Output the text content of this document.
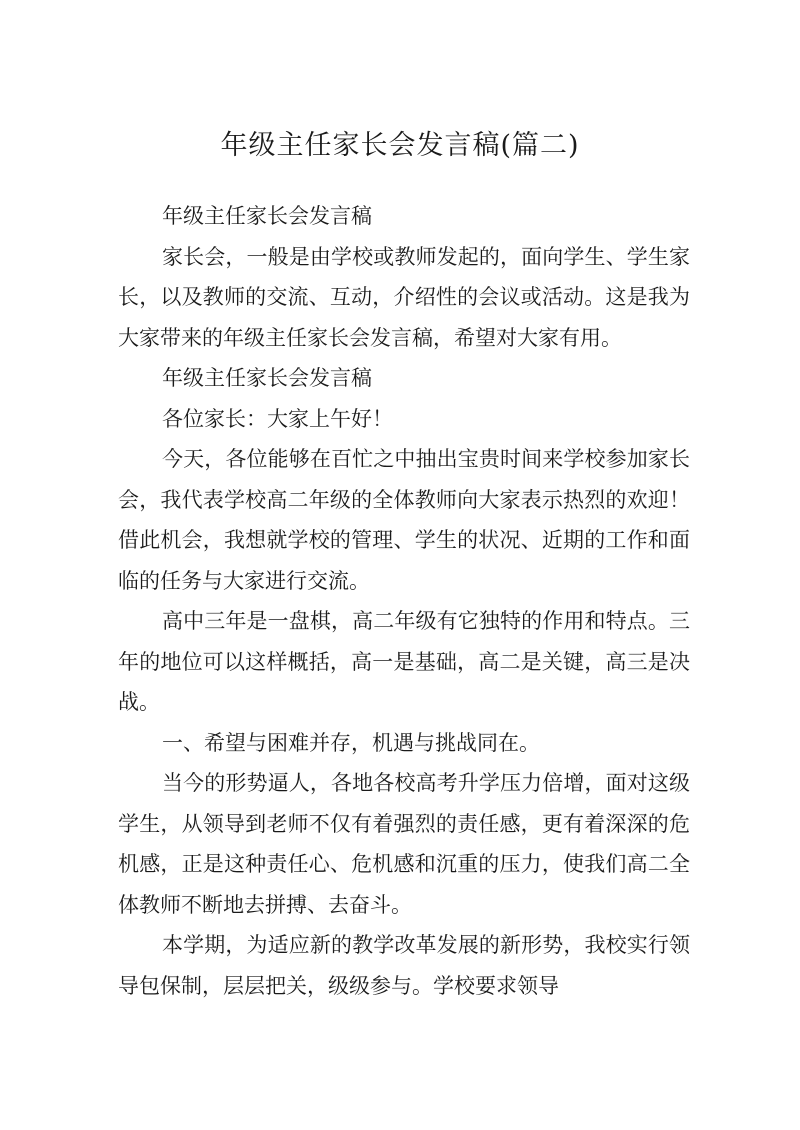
年级主任家长会发言稿(篇二)

年级主任家长会发言稿

家长会，一般是由学校或教师发起的，面向学生、学生家长，以及教师的交流、互动，介绍性的会议或活动。这是我为大家带来的年级主任家长会发言稿，希望对大家有用。

年级主任家长会发言稿

各位家长：大家上午好！

今天，各位能够在百忙之中抽出宝贵时间来学校参加家长会，我代表学校高二年级的全体教师向大家表示热烈的欢迎！借此机会，我想就学校的管理、学生的状况、近期的工作和面临的任务与大家进行交流。

高中三年是一盘棋，高二年级有它独特的作用和特点。三年的地位可以这样概括，高一是基础，高二是关键，高三是决战。

一、希望与困难并存，机遇与挑战同在。

当今的形势逼人，各地各校高考升学压力倍增，面对这级学生，从领导到老师不仅有着强烈的责任感，更有着深深的危机感，正是这种责任心、危机感和沉重的压力，使我们高二全体教师不断地去拼搏、去奋斗。

本学期，为适应新的教学改革发展的新形势，我校实行领导包保制，层层把关，级级参与。学校要求领导
